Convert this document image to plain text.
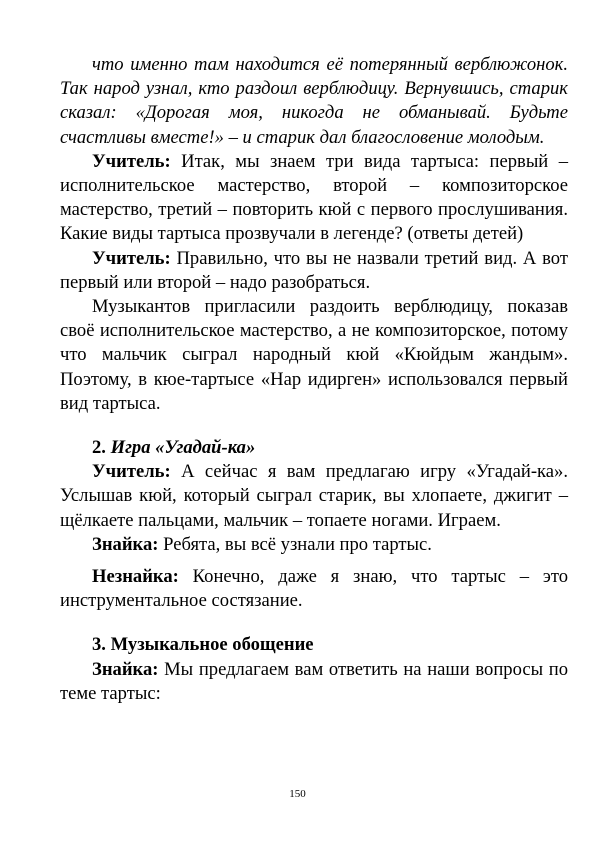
что именно там находится её потерянный верблюжонок. Так народ узнал, кто раздоил верблюдицу. Вернувшись, старик сказал: «Дорогая моя, никогда не обманывай. Будьте счастливы вместе!» – и старик дал благословение молодым.

Учитель: Итак, мы знаем три вида тартыса: первый – исполнительское мастерство, второй – композиторское мастерство, третий – повторить кюй с первого прослушивания. Какие виды тартыса прозвучали в легенде? (ответы детей)

Учитель: Правильно, что вы не назвали третий вид. А вот первый или второй – надо разобраться.

Музыкантов пригласили раздоить верблюдицу, показав своё исполнительское мастерство, а не композиторское, потому что мальчик сыграл народный кюй «Кюйдым жандым». Поэтому, в кюе-тартысе «Нар идирген» использовался первый вид тартыса.

2. Игра «Угадай-ка»

Учитель: А сейчас я вам предлагаю игру «Угадай-ка». Услышав кюй, который сыграл старик, вы хлопаете, джигит – щёлкаете пальцами, мальчик – топаете ногами. Играем.

Знайка: Ребята, вы всё узнали про тартыс.

Незнайка: Конечно, даже я знаю, что тартыс – это инструментальное состязание.

3. Музыкальное обощение

Знайка: Мы предлагаем вам ответить на наши вопросы по теме тартыс:

150
